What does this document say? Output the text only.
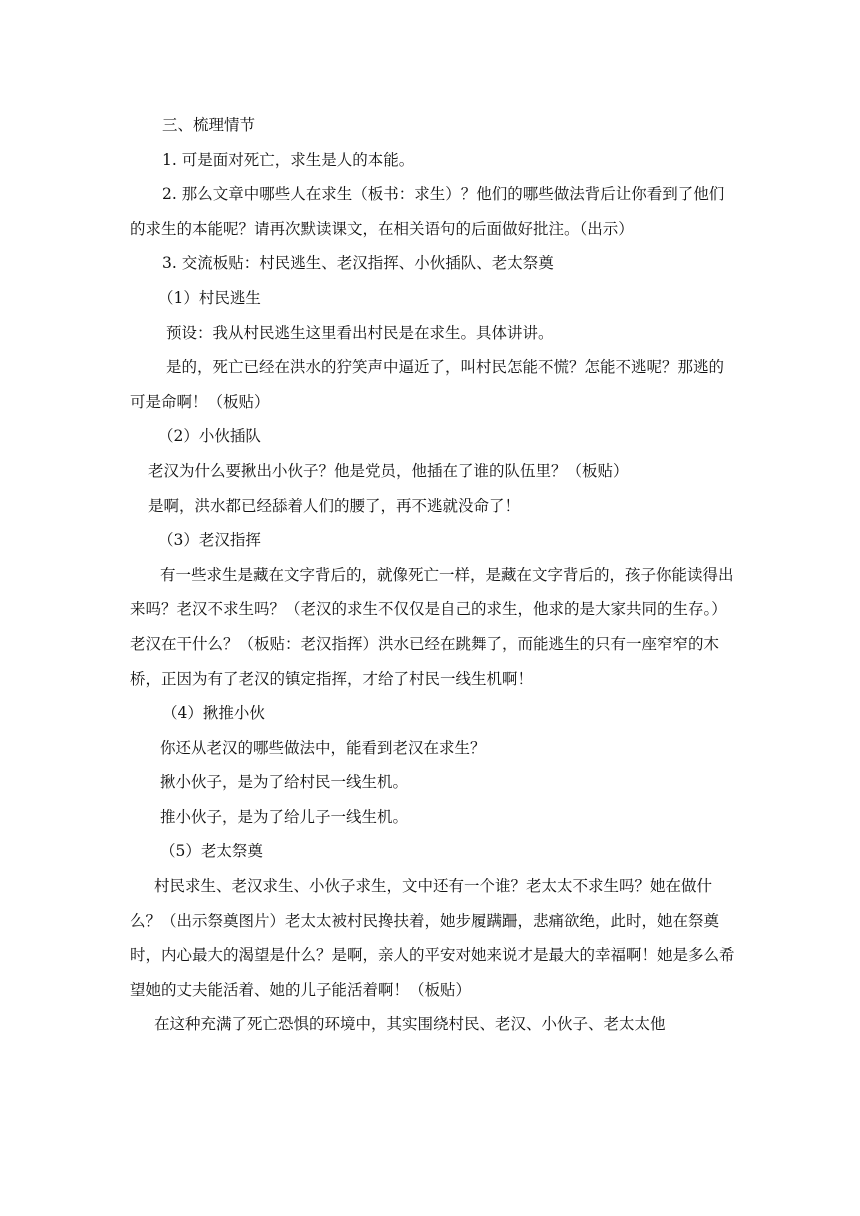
三、梳理情节

1. 可是面对死亡，求生是人的本能。

2. 那么文章中哪些人在求生（板书：求生）？他们的哪些做法背后让你看到了他们的求生的本能呢？请再次默读课文，在相关语句的后面做好批注。（出示）

3. 交流板贴：村民逃生、老汉指挥、小伙插队、老太祭奠

（1）村民逃生

预设：我从村民逃生这里看出村民是在求生。具体讲讲。

是的，死亡已经在洪水的狞笑声中逼近了，叫村民怎能不慌？怎能不逃呢？那逃的可是命啊！（板贴）

（2）小伙插队

老汉为什么要揪出小伙子？他是党员，他插在了谁的队伍里？（板贴）

是啊，洪水都已经舔着人们的腰了，再不逃就没命了！

（3）老汉指挥

有一些求生是藏在文字背后的，就像死亡一样，是藏在文字背后的，孩子你能读得出来吗？老汉不求生吗？（老汉的求生不仅仅是自己的求生，他求的是大家共同的生存。）老汉在干什么？（板贴：老汉指挥）洪水已经在跳舞了，而能逃生的只有一座窄窄的木桥，正因为有了老汉的镇定指挥，才给了村民一线生机啊！

（4）揪推小伙

你还从老汉的哪些做法中，能看到老汉在求生？

揪小伙子，是为了给村民一线生机。

推小伙子，是为了给儿子一线生机。

（5）老太祭奠

村民求生、老汉求生、小伙子求生，文中还有一个谁？老太太不求生吗？她在做什么？（出示祭奠图片）老太太被村民搀扶着，她步履蹒跚，悲痛欲绝，此时，她在祭奠时，内心最大的渴望是什么？是啊，亲人的平安对她来说才是最大的幸福啊！她是多么希望她的丈夫能活着、她的儿子能活着啊！（板贴）

在这种充满了死亡恐惧的环境中，其实围绕村民、老汉、小伙子、老太太他
